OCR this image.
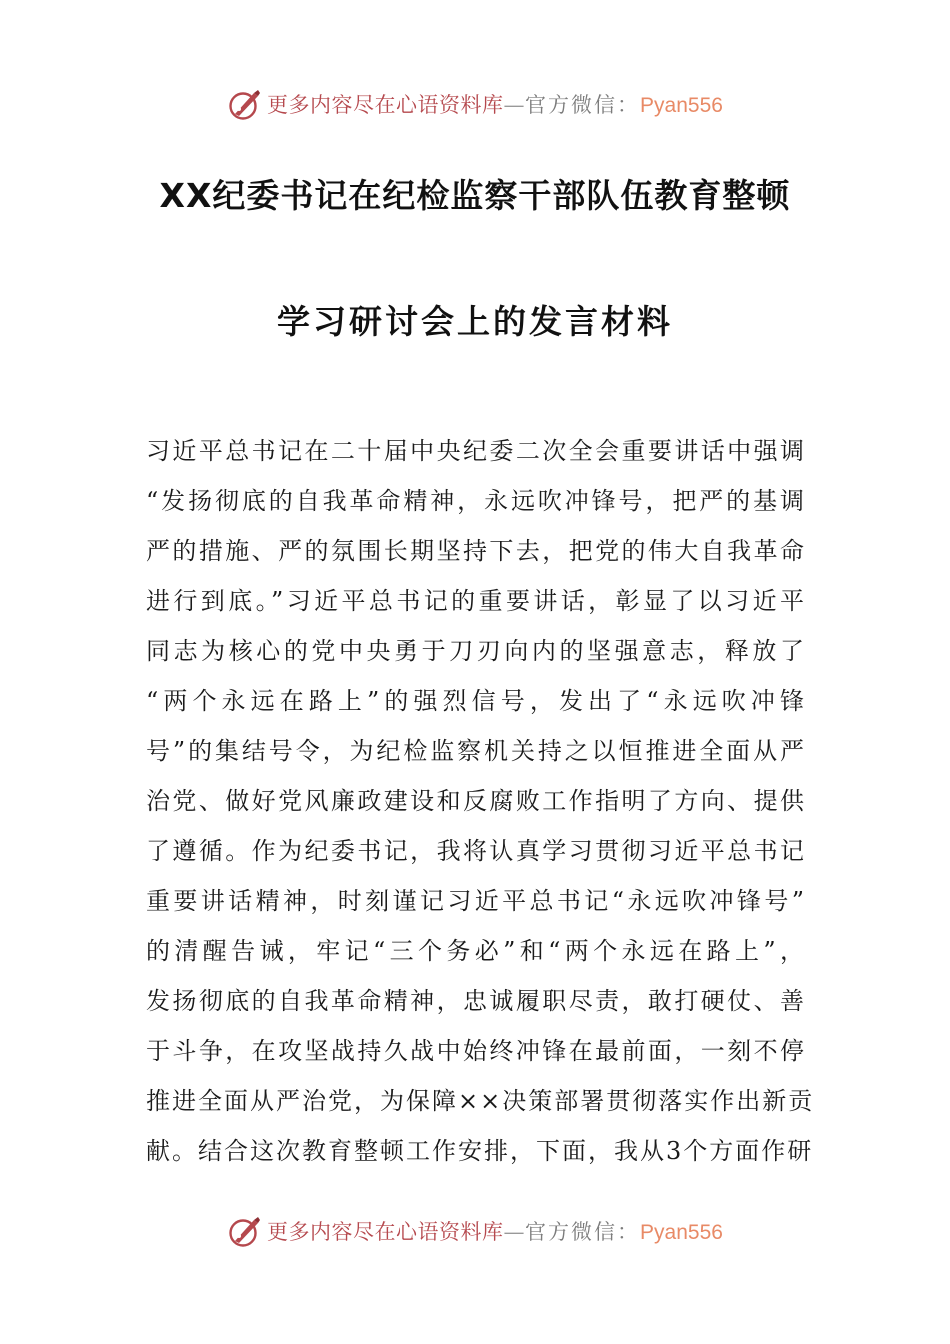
更多内容尽在心语资料库—官方微信：Pyan556
XX纪委书记在纪检监察干部队伍教育整顿
学习研讨会上的发言材料
习近平总书记在二十届中央纪委二次全会重要讲话中强调
“发扬彻底的自我革命精神，永远吹冲锋号，把严的基调
严的措施、严的氛围长期坚持下去，把党的伟大自我革命
进行到底。”习近平总书记的重要讲话，彰显了以习近平
同志为核心的党中央勇于刀刃向内的坚强意志，释放了
“两个永远在路上”的强烈信号，发出了“永远吹冲锋
号”的集结号令，为纪检监察机关持之以恒推进全面从严
治党、做好党风廉政建设和反腐败工作指明了方向、提供
了遵循。作为纪委书记，我将认真学习贯彻习近平总书记
重要讲话精神，时刻谨记习近平总书记“永远吹冲锋号”
的清醒告诫，牢记“三个务必”和“两个永远在路上”，
发扬彻底的自我革命精神，忠诚履职尽责，敢打硬仗、善
于斗争，在攻坚战持久战中始终冲锋在最前面，一刻不停
推进全面从严治党，为保障××决策部署贯彻落实作出新贡
献。结合这次教育整顿工作安排，下面，我从3个方面作研
更多内容尽在心语资料库—官方微信：Pyan556
